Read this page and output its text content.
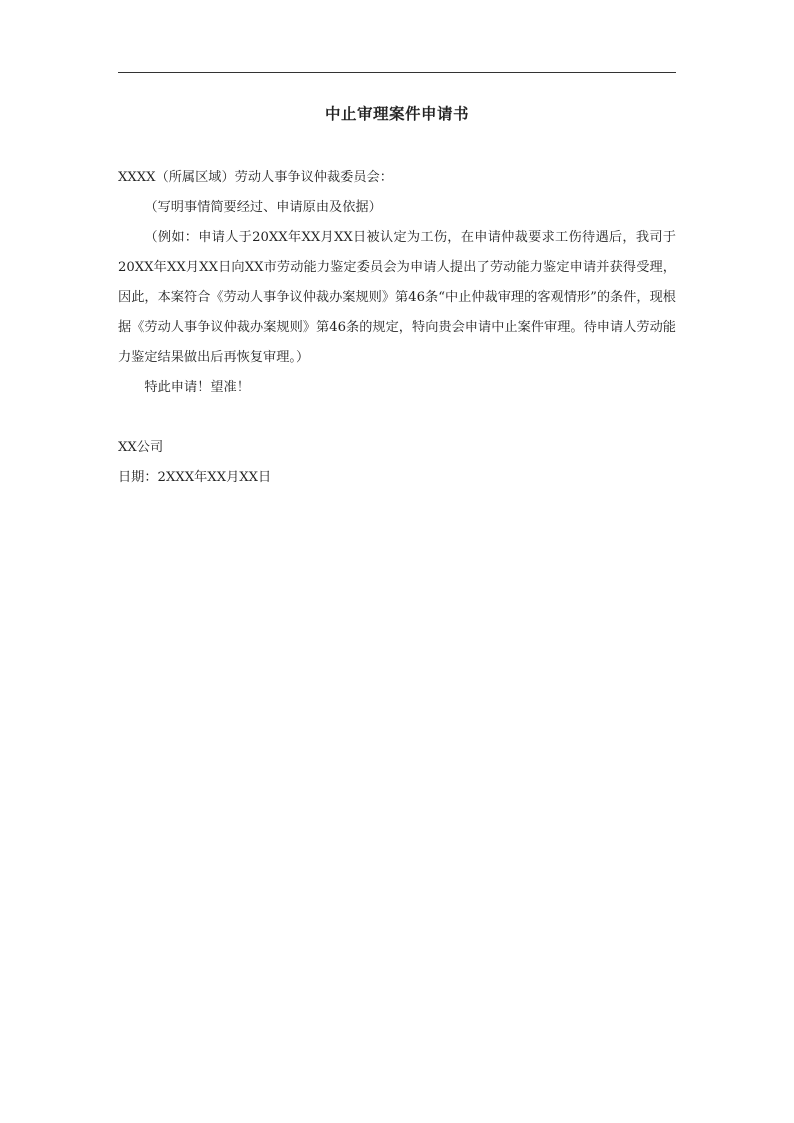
中止审理案件申请书

XXXX（所属区域）劳动人事争议仲裁委员会：

（写明事情简要经过、申请原由及依据）

（例如：申请人于20XX年XX月XX日被认定为工伤，在申请仲裁要求工伤待遇后，我司于20XX年XX月XX日向XX市劳动能力鉴定委员会为申请人提出了劳动能力鉴定申请并获得受理，因此，本案符合《劳动人事争议仲裁办案规则》第46条“中止仲裁审理的客观情形”的条件，现根据《劳动人事争议仲裁办案规则》第46条的规定，特向贵会申请中止案件审理。待申请人劳动能力鉴定结果做出后再恢复审理。）

特此申请！望准！

XX公司

日期：2XXX年XX月XX日
